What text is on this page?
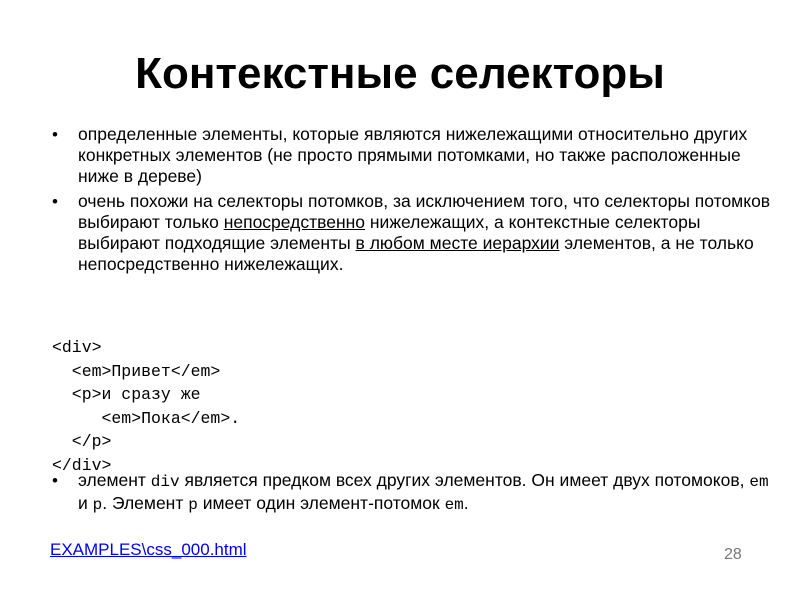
Контекстные селекторы
• определенные элементы, которые являются нижележащими относительно других конкретных элементов (не просто прямыми потомками, но также расположенные ниже в дереве)
• очень похожи на селекторы потомков, за исключением того, что селекторы потомков выбирают только непосредственно нижележащих, а контекстные селекторы выбирают подходящие элементы в любом месте иерархии элементов, а не только непосредственно нижележащих.
<div>
<em>Привет</em>
<p>и сразу же
<em>Пока</em>.
</p>
</div>
• элемент div является предком всех других элементов. Он имеет двух потомоков, em и p. Элемент p имеет один элемент-потомок em.
EXAMPLES\css_000.html	28
